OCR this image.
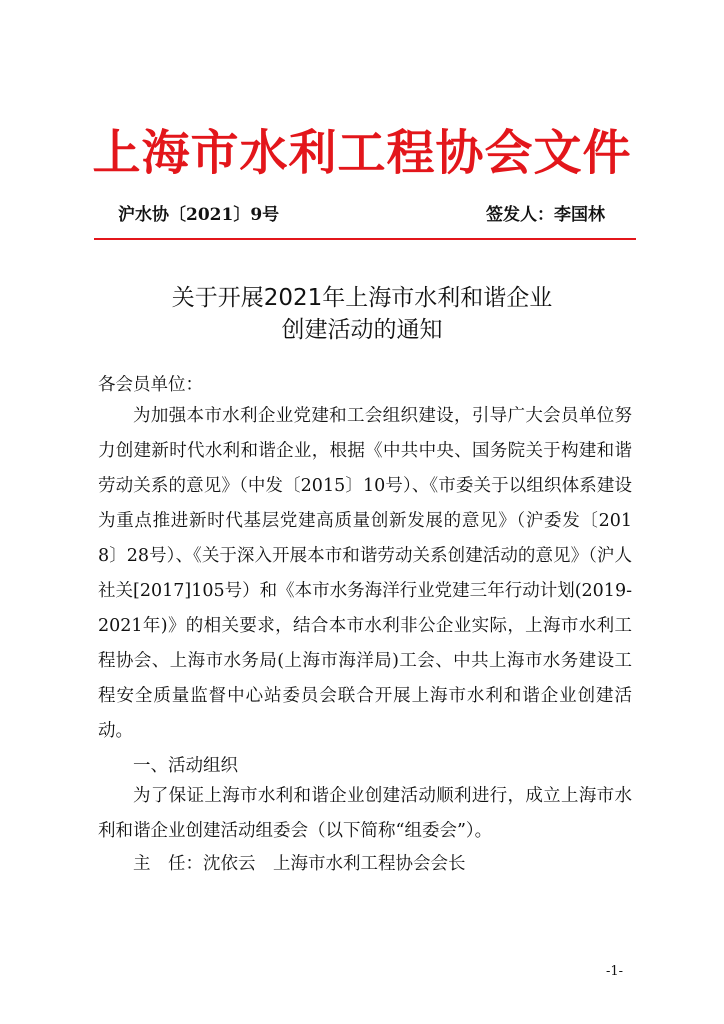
上海市水利工程协会文件
沪水协〔2021〕9号	签发人：李国林
关于开展2021年上海市水利和谐企业
创建活动的通知
各会员单位：

为加强本市水利企业党建和工会组织建设，引导广大会员单位努力创建新时代水利和谐企业，根据《中共中央、国务院关于构建和谐劳动关系的意见》（中发〔2015〕10号）、《市委关于以组织体系建设为重点推进新时代基层党建高质量创新发展的意见》（沪委发〔2018〕28号）、《关于深入开展本市和谐劳动关系创建活动的意见》（沪人社关[2017]105号）和《本市水务海洋行业党建三年行动计划(2019-2021年)》的相关要求，结合本市水利非公企业实际，上海市水利工程协会、上海市水务局(上海市海洋局)工会、中共上海市水务建设工程安全质量监督中心站委员会联合开展上海市水利和谐企业创建活动。

一、活动组织

为了保证上海市水利和谐企业创建活动顺利进行，成立上海市水利和谐企业创建活动组委会（以下简称“组委会”）。

主　任：沈依云　上海市水利工程协会会长

-1-
